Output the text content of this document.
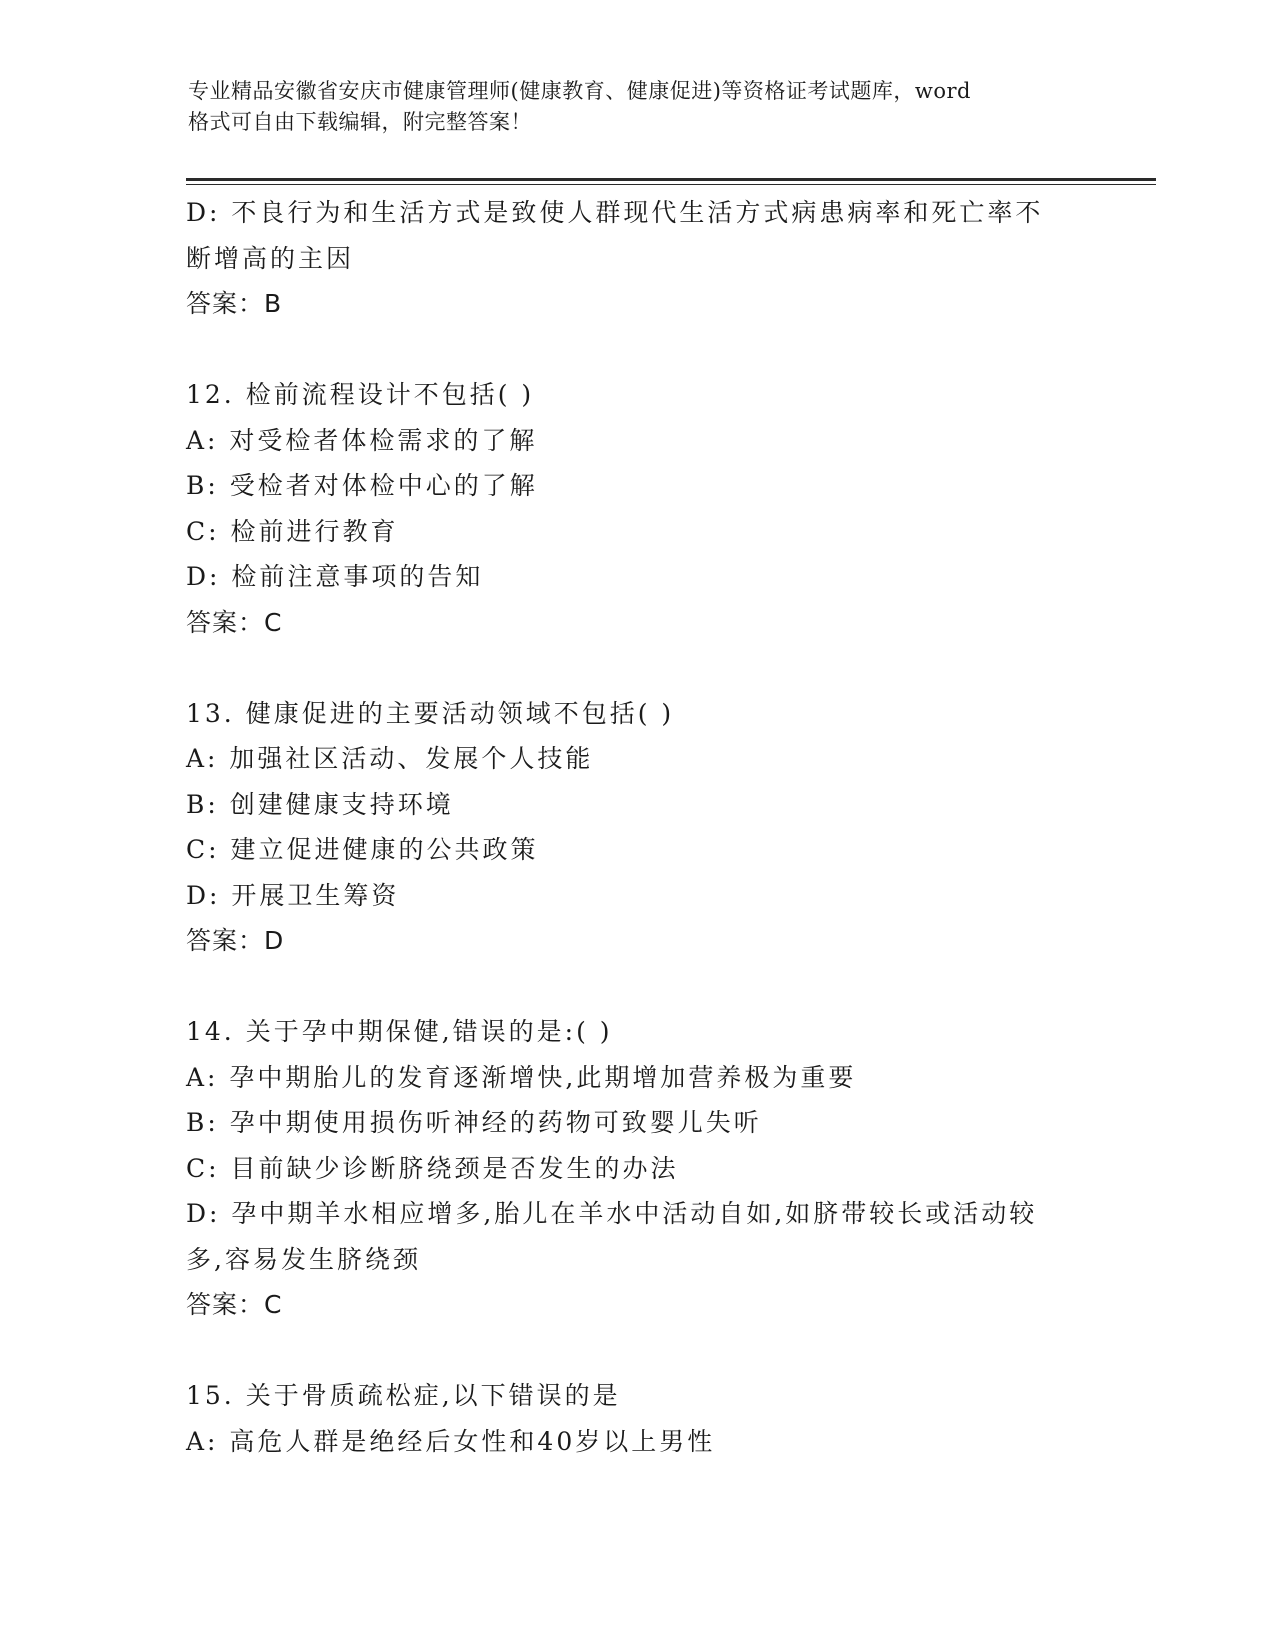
专业精品安徽省安庆市健康管理师(健康教育、健康促进)等资格证考试题库，word
格式可自由下载编辑，附完整答案！
D: 不良行为和生活方式是致使人群现代生活方式病患病率和死亡率不
断增高的主因
答案：B
12. 检前流程设计不包括( )
A: 对受检者体检需求的了解
B: 受检者对体检中心的了解
C: 检前进行教育
D: 检前注意事项的告知
答案：C
13. 健康促进的主要活动领域不包括( )
A: 加强社区活动、发展个人技能
B: 创建健康支持环境
C: 建立促进健康的公共政策
D: 开展卫生筹资
答案：D
14. 关于孕中期保健,错误的是:( )
A: 孕中期胎儿的发育逐渐增快,此期增加营养极为重要
B: 孕中期使用损伤听神经的药物可致婴儿失听
C: 目前缺少诊断脐绕颈是否发生的办法
D: 孕中期羊水相应增多,胎儿在羊水中活动自如,如脐带较长或活动较
多,容易发生脐绕颈
答案：C
15. 关于骨质疏松症,以下错误的是
A: 高危人群是绝经后女性和40岁以上男性
